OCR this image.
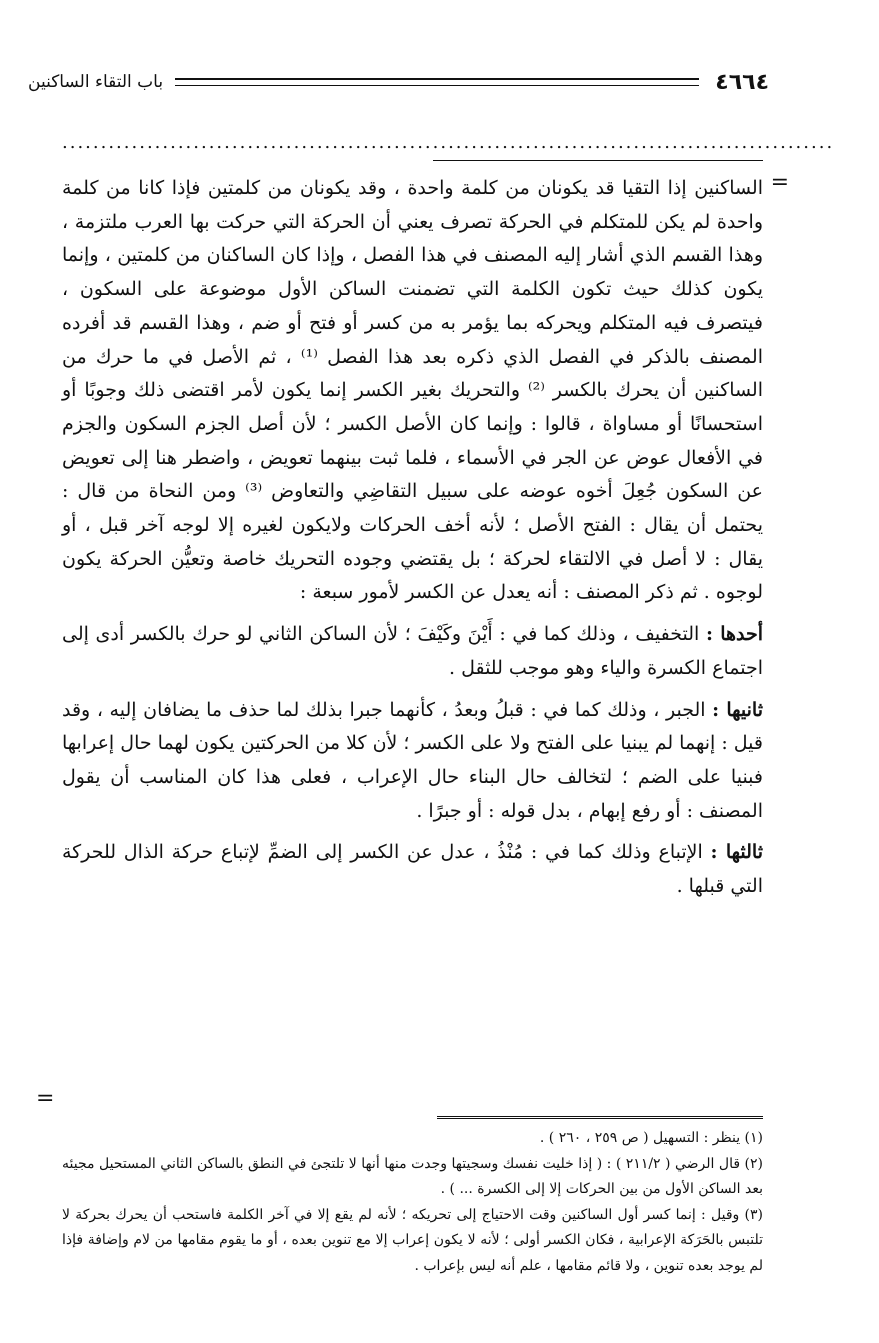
٤٦٦٤
باب التقاء الساكنين
....................................................................................................
=

الساكنين إذا التقيا قد يكونان من كلمة واحدة ، وقد يكونان من كلمتين فإذا كانا من كلمة واحدة لم يكن للمتكلم في الحركة تصرف يعني أن الحركة التي حركت بها العرب ملتزمة ، وهذا القسم الذي أشار إليه المصنف في هذا الفصل ، وإذا كان الساكنان من كلمتين ، وإنما يكون كذلك حيث تكون الكلمة التي تضمنت الساكن الأول موضوعة على السكون ، فيتصرف فيه المتكلم ويحركه بما يؤمر به من كسر أو فتح أو ضم ، وهذا القسم قد أفرده المصنف بالذكر في الفصل الذي ذكره بعد هذا الفصل ⁽¹⁾ ، ثم الأصل في ما حرك من الساكنين أن يحرك بالكسر ⁽²⁾ والتحريك بغير الكسر إنما يكون لأمر اقتضى ذلك وجوبًا أو استحسانًا أو مساواة ، قالوا : وإنما كان الأصل الكسر ؛ لأن أصل الجزم السكون والجزم في الأفعال عوض عن الجر في الأسماء ، فلما ثبت بينهما تعويض ، واضطر هنا إلى تعويض عن السكون جُعِلَ أخوه عوضه على سبيل التقاضِي والتعاوض ⁽³⁾ ومن النحاة من قال : يحتمل أن يقال : الفتح الأصل ؛ لأنه أخف الحركات ولايكون لغيره إلا لوجه آخر قبل ، أو يقال : لا أصل في الالتقاء لحركة ؛ بل يقتضي وجوده التحريك خاصة وتعيُّن الحركة يكون لوجوه . ثم ذكر المصنف : أنه يعدل عن الكسر لأمور سبعة :

أحدها : التخفيف ، وذلك كما في : أَيْنَ وكَيْفَ ؛ لأن الساكن الثاني لو حرك بالكسر أدى إلى اجتماع الكسرة والياء وهو موجب للثقل .

ثانيها : الجبر ، وذلك كما في : قبلُ وبعدُ ، كأنهما جبرا بذلك لما حذف ما يضافان إليه ، وقد قيل : إنهما لم يبنيا على الفتح ولا على الكسر ؛ لأن كلا من الحركتين يكون لهما حال إعرابها فبنيا على الضم ؛ لتخالف حال البناء حال الإعراب ، فعلى هذا كان المناسب أن يقول المصنف : أو رفع إبهام ، بدل قوله : أو جبرًا .

ثالثها : الإتباع وذلك كما في : مُنْذُ ، عدل عن الكسر إلى الضمِّ لإتباع حركة الذال للحركة التي قبلها .

=

(١) ينظر : التسهيل ( ص ٢٥٩ ، ٢٦٠ ) .

(٢) قال الرضي ( ٢١١/٢ ) : ( إذا خليت نفسك وسجيتها وجدت منها أنها لا تلتجئ في النطق بالساكن الثاني المستحيل مجيئه بعد الساكن الأول من بين الحركات إلا إلى الكسرة ... ) .

(٣) وقيل : إنما كسر أول الساكنين وقت الاحتياج إلى تحريكه ؛ لأنه لم يقع إلا في آخر الكلمة فاستحب أن يحرك بحركة لا تلتبس بالحَرَكة الإعرابية ، فكان الكسر أولى ؛ لأنه لا يكون إعراب إلا مع تنوين بعده ، أو ما يقوم مقامها من لام وإضافة فإذا لم يوجد بعده تنوين ، ولا قائم مقامها ، علم أنه ليس بإعراب .
